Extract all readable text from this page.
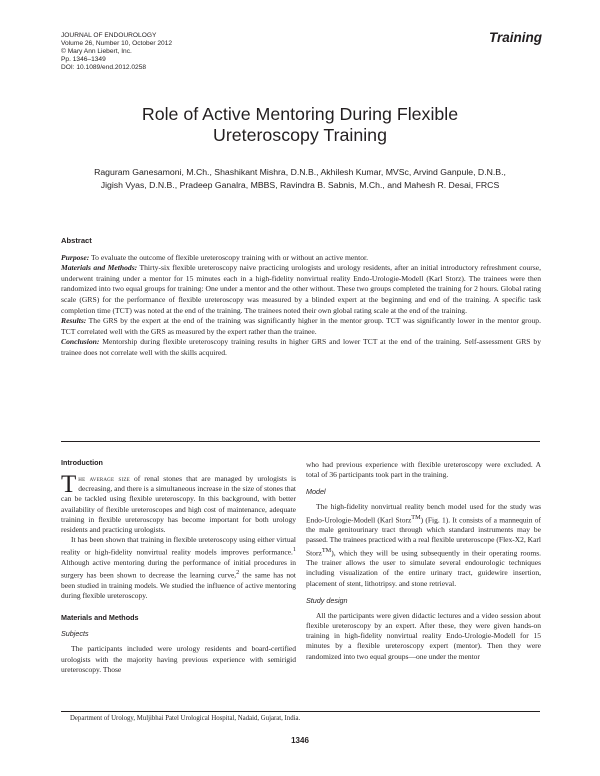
JOURNAL OF ENDOUROLOGY
Volume 26, Number 10, October 2012
© Mary Ann Liebert, Inc.
Pp. 1346–1349
DOI: 10.1089/end.2012.0258
Training
Role of Active Mentoring During Flexible
Ureteroscopy Training
Raguram Ganesamoni, M.Ch., Shashikant Mishra, D.N.B., Akhilesh Kumar, MVSc, Arvind Ganpule, D.N.B.,
Jigish Vyas, D.N.B., Pradeep Ganalra, MBBS, Ravindra B. Sabnis, M.Ch., and Mahesh R. Desai, FRCS
Abstract

Purpose: To evaluate the outcome of flexible ureteroscopy training with or without an active mentor.

Materials and Methods: Thirty-six flexible ureteroscopy naive practicing urologists and urology residents, after an initial introductory refreshment course, underwent training under a mentor for 15 minutes each in a high-fidelity nonvirtual reality Endo-Urologie-Modell (Karl Storz). The trainees were then randomized into two equal groups for training: One under a mentor and the other without. These two groups completed the training for 2 hours. Global rating scale (GRS) for the performance of flexible ureteroscopy was measured by a blinded expert at the beginning and end of the training. A specific task completion time (TCT) was noted at the end of the training. The trainees noted their own global rating scale at the end of the training.

Results: The GRS by the expert at the end of the training was significantly higher in the mentor group. TCT was significantly lower in the mentor group. TCT correlated well with the GRS as measured by the expert rather than the trainee.

Conclusion: Mentorship during flexible ureteroscopy training results in higher GRS and lower TCT at the end of the training. Self-assessment GRS by trainee does not correlate well with the skills acquired.

Introduction

The average size of renal stones that are managed by urologists is decreasing, and there is a simultaneous increase in the size of stones that can be tackled using flexible ureteroscopy. In this background, with better availability of flexible ureteroscopes and high cost of maintenance, adequate training in flexible ureteroscopy has become important for both urology residents and practicing urologists.

It has been shown that training in flexible ureteroscopy using either virtual reality or high-fidelity nonvirtual reality models improves performance.$^1$ Although active mentoring during the performance of initial procedures in surgery has been shown to decrease the learning curve,$^2$ the same has not been studied in training models. We studied the influence of active mentoring during flexible ureteroscopy.

Materials and Methods
Subjects

The participants included were urology residents and board-certified urologists with the majority having previous experience with semirigid ureteroscopy. Those

who had previous experience with flexible ureteroscopy were excluded. A total of 36 participants took part in the training.

Model

The high-fidelity nonvirtual reality bench model used for the study was Endo-Urologie-Modell (Karl Storz™) (Fig. 1). It consists of a mannequin of the male genitourinary tract through which standard instruments may be passed. The trainees practiced with a real flexible ureteroscope (Flex-X2, Karl Storz™), which they will be using subsequently in their operating rooms. The trainer allows the user to simulate several endourologic techniques including visualization of the entire urinary tract, guidewire insertion, placement of stent, lithotripsy. and stone retrieval.

Study design

All the participants were given didactic lectures and a video session about flexible ureteroscopy by an expert. After these, they were given hands-on training in high-fidelity nonvirtual reality Endo-Urologie-Modell for 15 minutes by a flexible ureteroscopy expert (mentor). Then they were randomized into two equal groups—one under the mentor

Department of Urology, Muljibhai Patel Urological Hospital, Nadaid, Gujarat, India.
1346
